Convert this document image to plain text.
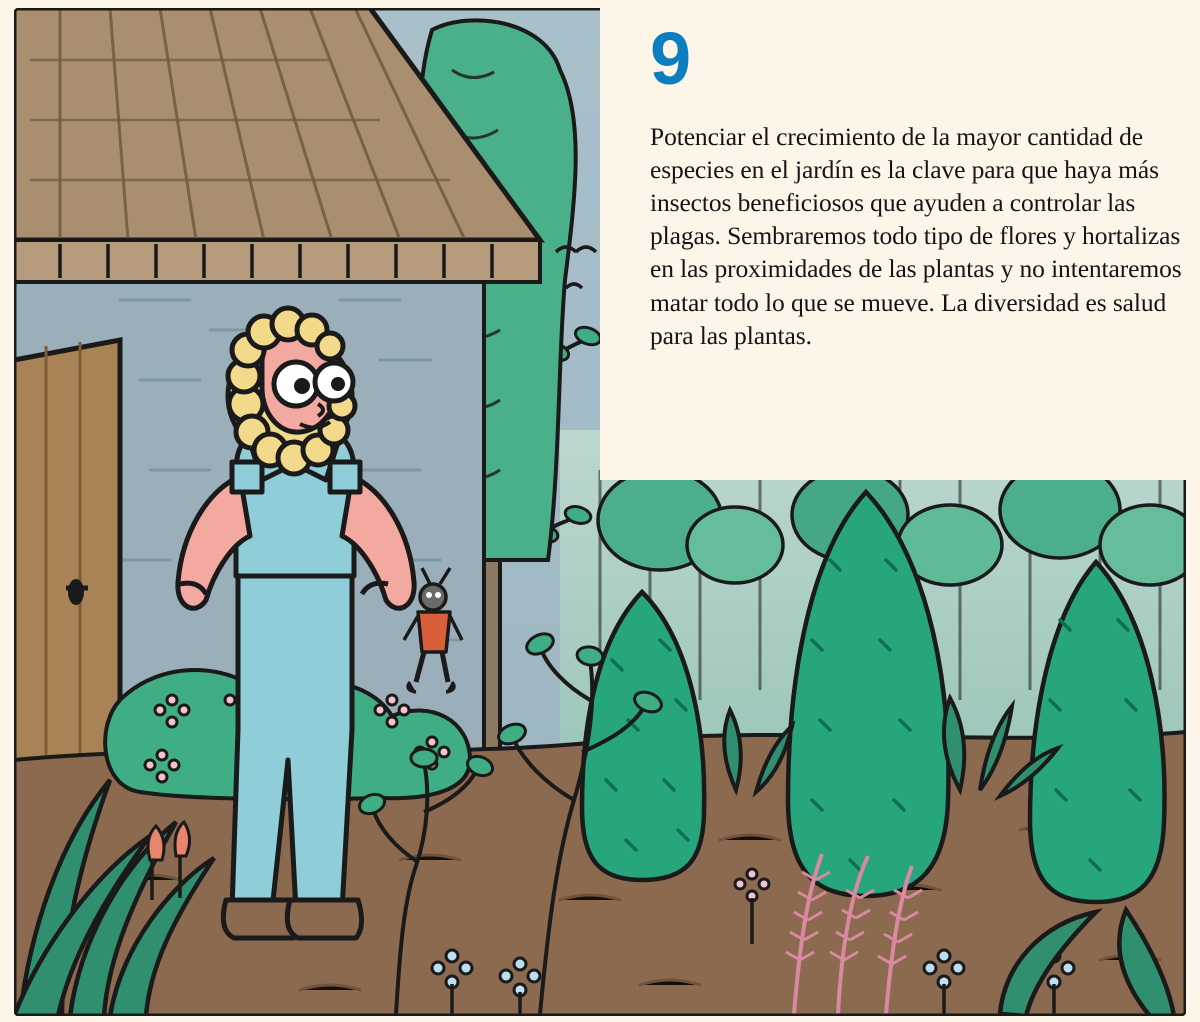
9

Potenciar el crecimiento de la mayor cantidad de especies en el jardín es la clave para que haya más insectos beneficiosos que ayuden a controlar las plagas. Sembraremos todo tipo de flores y hortalizas en las proximidades de las plantas y no intentaremos matar todo lo que se mueve. La diversidad es salud para las plantas.
